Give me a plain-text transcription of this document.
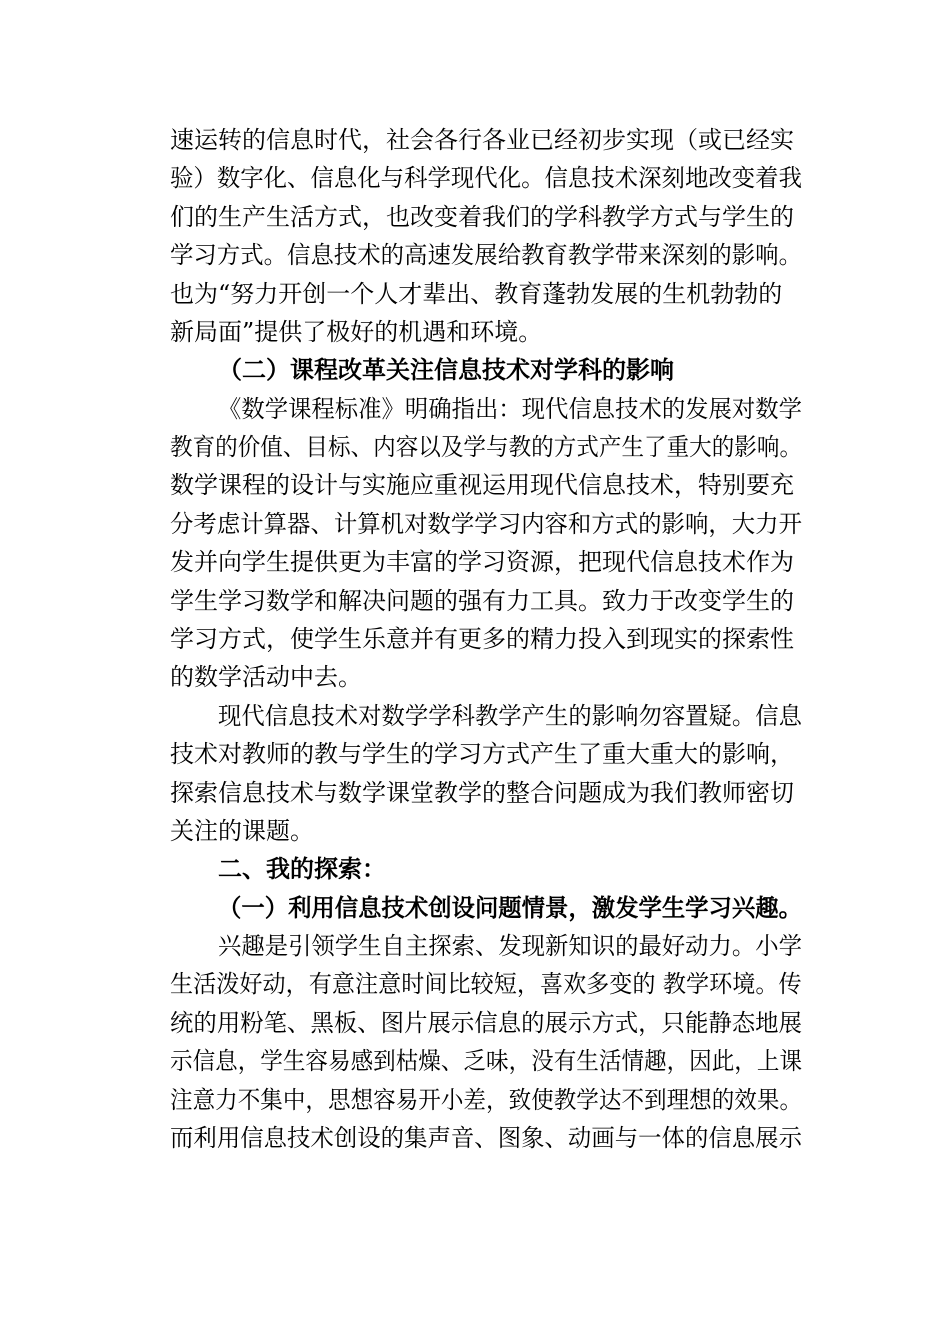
速运转的信息时代，社会各行各业已经初步实现（或已经实
验）数字化、信息化与科学现代化。信息技术深刻地改变着我
们的生产生活方式，也改变着我们的学科教学方式与学生的
学习方式。信息技术的高速发展给教育教学带来深刻的影响。
也为“努力开创一个人才辈出、教育蓬勃发展的生机勃勃的
新局面”提供了极好的机遇和环境。
（二）课程改革关注信息技术对学科的影响
《数学课程标准》明确指出：现代信息技术的发展对数学
教育的价值、目标、内容以及学与教的方式产生了重大的影响。
数学课程的设计与实施应重视运用现代信息技术，特别要充
分考虑计算器、计算机对数学学习内容和方式的影响，大力开
发并向学生提供更为丰富的学习资源，把现代信息技术作为
学生学习数学和解决问题的强有力工具。致力于改变学生的
学习方式，使学生乐意并有更多的精力投入到现实的探索性
的数学活动中去。
现代信息技术对数学学科教学产生的影响勿容置疑。信息
技术对教师的教与学生的学习方式产生了重大重大的影响，
探索信息技术与数学课堂教学的整合问题成为我们教师密切
关注的课题。
二、我的探索：
（一）利用信息技术创设问题情景，激发学生学习兴趣。
兴趣是引领学生自主探索、发现新知识的最好动力。小学
生活泼好动，有意注意时间比较短，喜欢多变的 教学环境。传
统的用粉笔、黑板、图片展示信息的展示方式，只能静态地展
示信息，学生容易感到枯燥、乏味，没有生活情趣，因此，上课
注意力不集中，思想容易开小差，致使教学达不到理想的效果。
而利用信息技术创设的集声音、图象、动画与一体的信息展示
